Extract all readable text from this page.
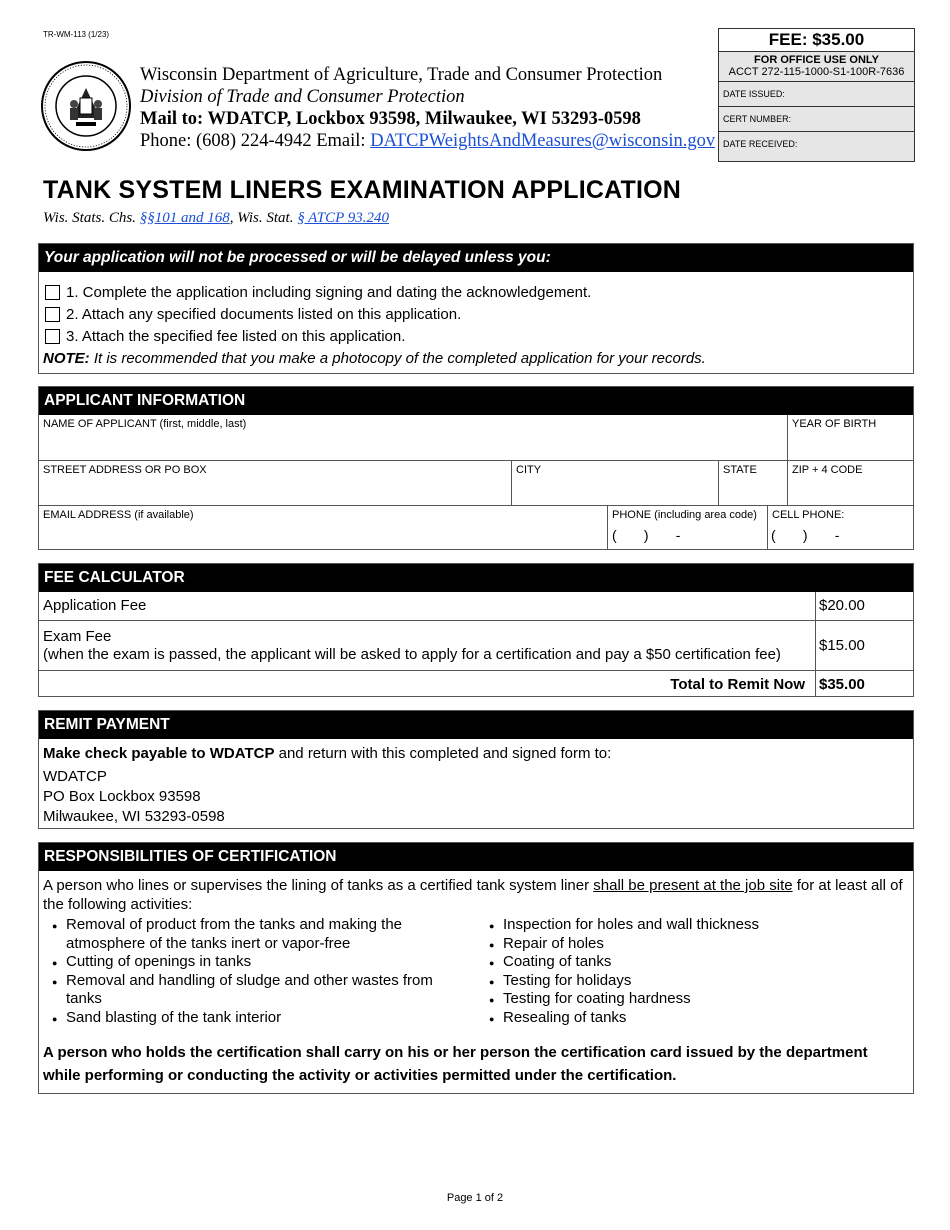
TR-WM-113 (1/23)
Wisconsin Department of Agriculture, Trade and Consumer Protection
Division of Trade and Consumer Protection
Mail to: WDATCP, Lockbox 93598, Milwaukee, WI 53293-0598
Phone: (608) 224-4942 Email: DATCPWeightsAndMeasures@wisconsin.gov
FEE: $35.00
FOR OFFICE USE ONLY
ACCT 272-115-1000-S1-100R-7636
DATE ISSUED:
CERT NUMBER:
DATE RECEIVED:
TANK SYSTEM LINERS EXAMINATION APPLICATION
Wis. Stats. Chs. §§101 and 168, Wis. Stat. § ATCP 93.240
Your application will not be processed or will be delayed unless you:
1. Complete the application including signing and dating the acknowledgement.
2. Attach any specified documents listed on this application.
3. Attach the specified fee listed on this application.
NOTE: It is recommended that you make a photocopy of the completed application for your records.
APPLICANT INFORMATION
NAME OF APPLICANT (first, middle, last)	YEAR OF BIRTH
STREET ADDRESS OR PO BOX	CITY	STATE	ZIP + 4 CODE
EMAIL ADDRESS (if available)	PHONE (including area code)	CELL PHONE:
(       )       -	(       )       -
FEE CALCULATOR
Application Fee	$20.00
Exam Fee
(when the exam is passed, the applicant will be asked to apply for a certification and pay a $50 certification fee)
$15.00
Total to Remit Now $35.00
REMIT PAYMENT
Make check payable to WDATCP and return with this completed and signed form to:
WDATCP
PO Box Lockbox 93598
Milwaukee, WI 53293-0598
RESPONSIBILITIES OF CERTIFICATION
A person who lines or supervises the lining of tanks as a certified tank system liner shall be present at the job site for at least all of the following activities:
● Removal of product from the tanks and making the atmosphere of the tanks inert or vapor-free
● Cutting of openings in tanks
● Removal and handling of sludge and other wastes from tanks
● Sand blasting of the tank interior
● Inspection for holes and wall thickness
● Repair of holes
● Coating of tanks
● Testing for holidays
● Testing for coating hardness
● Resealing of tanks
A person who holds the certification shall carry on his or her person the certification card issued by the department while performing or conducting the activity or activities permitted under the certification.
Page 1 of 2
